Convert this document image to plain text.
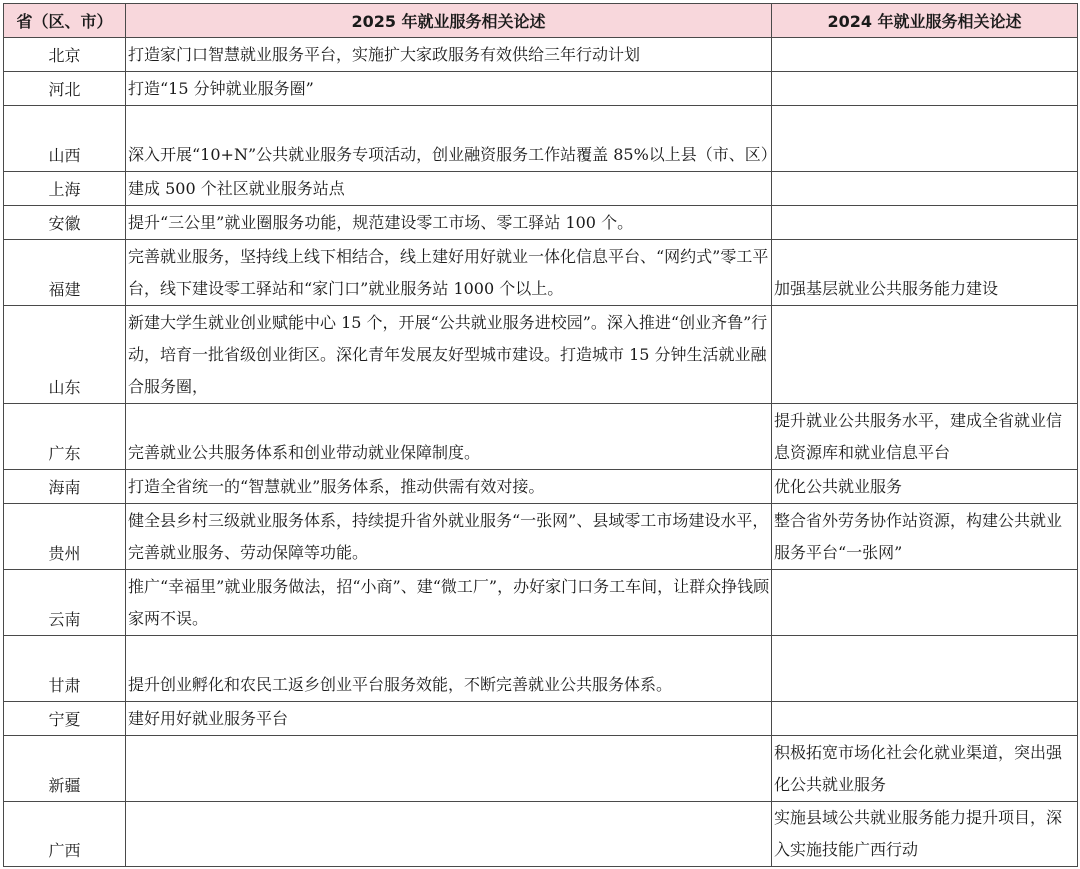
省（区、市）	2025 年就业服务相关论述	2024 年就业服务相关论述
北京	打造家门口智慧就业服务平台，实施扩大家政服务有效供给三年行动计划	
河北	打造“15 分钟就业服务圈”	
山西	深入开展“10+N”公共就业服务专项活动，创业融资服务工作站覆盖 85%以上县（市、区）	
上海	建成 500 个社区就业服务站点	
安徽	提升“三公里”就业圈服务功能，规范建设零工市场、零工驿站 100 个。	
福建	完善就业服务，坚持线上线下相结合，线上建好用好就业一体化信息平台、“网约式”零工平台，线下建设零工驿站和“家门口”就业服务站 1000 个以上。	加强基层就业公共服务能力建设
山东	新建大学生就业创业赋能中心 15 个，开展“公共就业服务进校园”。深入推进“创业齐鲁”行动，培育一批省级创业街区。深化青年发展友好型城市建设。打造城市 15 分钟生活就业融合服务圈，	
广东	完善就业公共服务体系和创业带动就业保障制度。	提升就业公共服务水平，建成全省就业信息资源库和就业信息平台
海南	打造全省统一的“智慧就业”服务体系，推动供需有效对接。	优化公共就业服务
贵州	健全县乡村三级就业服务体系，持续提升省外就业服务“一张网”、县域零工市场建设水平，完善就业服务、劳动保障等功能。	整合省外劳务协作站资源，构建公共就业服务平台“一张网”
云南	推广“幸福里”就业服务做法，招“小商”、建“微工厂”，办好家门口务工车间，让群众挣钱顾家两不误。	
甘肃	提升创业孵化和农民工返乡创业平台服务效能，不断完善就业公共服务体系。	
宁夏	建好用好就业服务平台	
新疆		积极拓宽市场化社会化就业渠道，突出强化公共就业服务
广西		实施县域公共就业服务能力提升项目，深入实施技能广西行动
